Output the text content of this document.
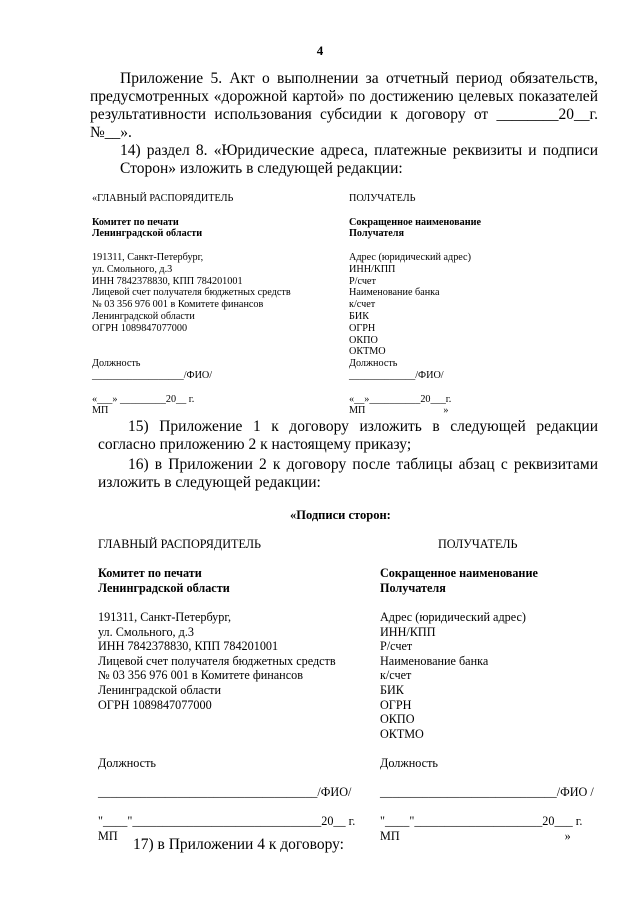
4
Приложение 5. Акт о выполнении за отчетный период обязательств,
предусмотренных «дорожной картой» по достижению целевых показателей
результативности использования субсидии к договору от ________20__г.
№__».
14) раздел 8. «Юридические адреса, платежные реквизиты и подписи
Сторон» изложить в следующей редакции:
«ГЛАВНЫЙ РАСПОРЯДИТЕЛЬ
Комитет по печати
Ленинградской области
191311, Санкт-Петербург,
ул. Смольного, д.3
ИНН 7842378830, КПП 784201001
Лицевой счет получателя бюджетных средств
№ 03 356 976 001 в Комитете финансов
Ленинградской области
ОГРН 1089847077000
Должность
__________________/ФИО/
«___» _________20__ г.
МП
ПОЛУЧАТЕЛЬ
Сокращенное наименование
Получателя
Адрес (юридический адрес)
ИНН/КПП
Р/счет
Наименование банка
к/счет
БИК
ОГРН
ОКПО
ОКТМО
Должность
_____________/ФИО/
«__»__________20___г.
МП	»
15) Приложение 1 к договору изложить в следующей редакции
согласно приложению 2 к настоящему приказу;
16) в Приложении 2 к договору после таблицы абзац с реквизитами
изложить в следующей редакции:
«Подписи сторон:
ГЛАВНЫЙ РАСПОРЯДИТЕЛЬ
Комитет по печати
Ленинградской области
191311, Санкт-Петербург,
ул. Смольного, д.3
ИНН 7842378830, КПП 784201001
Лицевой счет получателя бюджетных средств
№ 03 356 976 001 в Комитете финансов
Ленинградской области
ОГРН 1089847077000
Должность
____________________________________/ФИО/
"____"_______________________________20__ г.
МП
ПОЛУЧАТЕЛЬ
Сокращенное наименование
Получателя
Адрес (юридический адрес)
ИНН/КПП
Р/счет
Наименование банка
к/счет
БИК
ОГРН
ОКПО
ОКТМО
Должность
_____________________________/ФИО /
"____"_____________________20___ г.
МП	»
17) в Приложении 4 к договору:
